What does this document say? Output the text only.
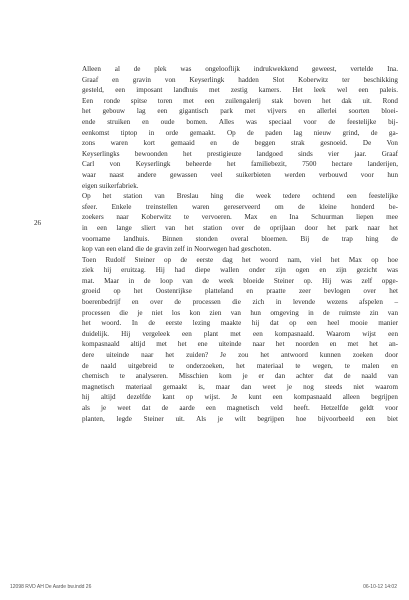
26
Alleen al de plek was ongelooflijk indrukwekkend geweest, vertelde Ina.
Graaf en gravin von Keyserlingk hadden Slot Koberwitz ter beschikking
gesteld, een imposant landhuis met zestig kamers. Het leek wel een paleis.
Een ronde spitse toren met een zuilengalerij stak boven het dak uit. Rond
het gebouw lag een gigantisch park met vijvers en allerlei soorten bloei-
ende struiken en oude bomen. Alles was speciaal voor de feestelijke bij-
eenkomst tiptop in orde gemaakt. Op de paden lag nieuw grind, de ga-
zons waren kort gemaaid en de beggen strak gesnoeid. De Von
Keyserlingks bewoonden het prestigieuze landgoed sinds vier jaar. Graaf
Carl von Keyserlingk beheerde het familiebezit, 7500 hectare landerijen,
waar naast andere gewassen veel suikerbieten werden verbouwd voor hun
eigen suikerfabriek.
Op het station van Breslau hing die week tedere ochtend een feestelijke
sfeer. Enkele treinstellen waren gereserveerd om de kleine honderd be-
zoekers naar Koberwitz te vervoeren. Max en Ina Schuurman liepen mee
in een lange sliert van het station over de oprijlaan door het park naar het
voorname landhuis. Binnen stonden overal bloemen. Bij de trap hing de
kop van een eland die de gravin zelf in Noorwegen had geschoten.
Toen Rudolf Steiner op de eerste dag het woord nam, viel het Max op hoe
ziek hij eruitzag. Hij had diepe wallen onder zijn ogen en zijn gezicht was
mat. Maar in de loop van de week bloeide Steiner op. Hij was zelf opge-
groeid op het Oostenrijkse platteland en praatte zeer bevlogen over het
boerenbedrijf en over de processen die zich in levende wezens afspelen –
processen die je niet los kon zien van hun omgeving in de ruimste zin van
het woord. In de eerste lezing maakte hij dat op een heel mooie manier
duidelijk. Hij vergeleek een plant met een kompasnaald. Waarom wijst een
kompasnaald altijd met het ene uiteinde naar het noorden en met het an-
dere uiteinde naar het zuiden? Je zou het antwoord kunnen zoeken door
de naald uitgebreid te onderzoeken, het materiaal te wegen, te malen en
chemisch te analyseren. Misschien kom je er dan achter dat de naald van
magnetisch materiaal gemaakt is, maar dan weet je nog steeds niet waarom
hij altijd dezelfde kant op wijst. Je kunt een kompasnaald alleen begrijpen
als je weet dat de aarde een magnetisch veld heeft. Hetzelfde geldt voor
planten, legde Steiner uit. Als je wilt begrijpen hoe bijvoorbeeld een biet
12098 RVD AH De Aarde bw.indd 26	06-10-12 14:02
